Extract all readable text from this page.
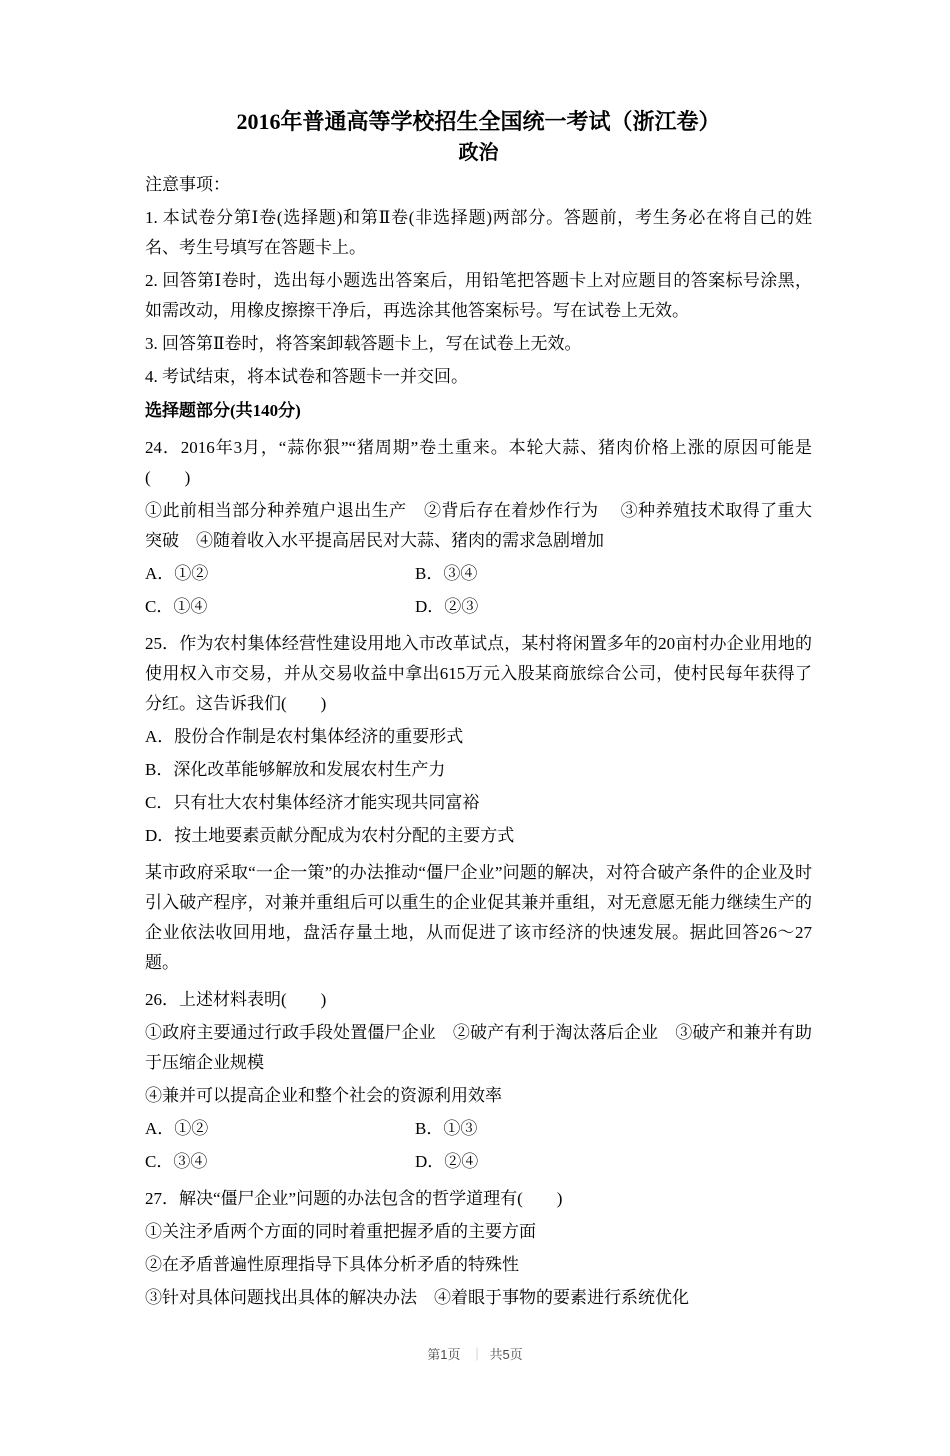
2016年普通高等学校招生全国统一考试（浙江卷）
政治

注意事项：

1. 本试卷分第Ⅰ卷(选择题)和第Ⅱ卷(非选择题)两部分。答题前，考生务必在将自己的姓名、考生号填写在答题卡上。

2. 回答第Ⅰ卷时，选出每小题选出答案后，用铅笔把答题卡上对应题目的答案标号涂黑，如需改动，用橡皮擦擦干净后，再选涂其他答案标号。写在试卷上无效。

3. 回答第Ⅱ卷时，将答案卸载答题卡上，写在试卷上无效。

4. 考试结束，将本试卷和答题卡一并交回。

选择题部分(共140分)

24．2016年3月，“蒜你狠”“猪周期”卷土重来。本轮大蒜、猪肉价格上涨的原因可能是(　　)

①此前相当部分种养殖户退出生产　②背后存在着炒作行为　 ③种养殖技术取得了重大突破　④随着收入水平提高居民对大蒜、猪肉的需求急剧增加

A．①②	B．③④
C．①④	D．②③

25．作为农村集体经营性建设用地入市改革试点，某村将闲置多年的20亩村办企业用地的使用权入市交易，并从交易收益中拿出615万元入股某商旅综合公司，使村民每年获得了分红。这告诉我们(　　)

A．股份合作制是农村集体经济的重要形式

B．深化改革能够解放和发展农村生产力

C．只有壮大农村集体经济才能实现共同富裕

D．按土地要素贡献分配成为农村分配的主要方式

某市政府采取“一企一策”的办法推动“僵尸企业”问题的解决，对符合破产条件的企业及时引入破产程序，对兼并重组后可以重生的企业促其兼并重组，对无意愿无能力继续生产的企业依法收回用地，盘活存量土地，从而促进了该市经济的快速发展。据此回答26～27题。

26．上述材料表明(　　)

①政府主要通过行政手段处置僵尸企业　②破产有利于淘汰落后企业　③破产和兼并有助于压缩企业规模

④兼并可以提高企业和整个社会的资源利用效率

A．①②	B．①③
C．③④	D．②④

27．解决“僵尸企业”问题的办法包含的哲学道理有(　　)

①关注矛盾两个方面的同时着重把握矛盾的主要方面

②在矛盾普遍性原理指导下具体分析矛盾的特殊性

③针对具体问题找出具体的解决办法　④着眼于事物的要素进行系统优化

第1页 ｜ 共5页
